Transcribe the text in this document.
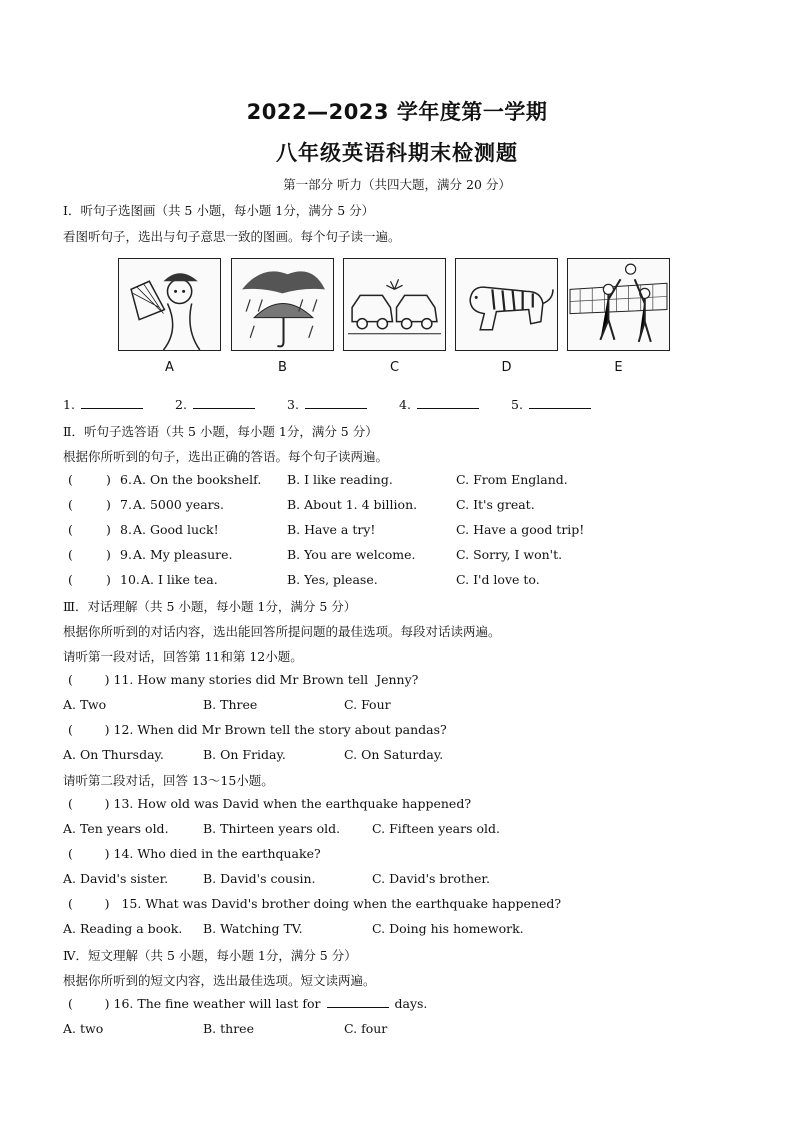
2022—2023 学年度第一学期
八年级英语科期末检测题
第一部分 听力（共四大题，满分 20 分）
Ⅰ．听句子选图画（共 5 小题，每小题 1分，满分 5 分）
看图听句子，选出与句子意思一致的图画。每个句子读一遍。
A	B	C	D	E
1.	2.	3.	4.	5.
Ⅱ．听句子选答语（共 5 小题，每小题 1分，满分 5 分）
根据你所听到的句子，选出正确的答语。每个句子读两遍。
(	) 6. A. On the bookshelf. B. I like reading.	C. From England.
(	) 7. A. 5000 years.	B. About 1. 4 billion.	C. It's great.
(	) 8. A. Good luck!	B. Have a try!	C. Have a good trip!
(	) 9. A. My pleasure.	B. You are welcome.	C. Sorry, I won't.
(	) 10. A. I like tea.	B. Yes, please.	C. I'd love to.
Ⅲ．对话理解（共 5 小题，每小题 1分，满分 5 分）
根据你所听到的对话内容，选出能回答所提问题的最佳选项。每段对话读两遍。
请听第一段对话，回答第 11和第 12小题。
(        ) 11. How many stories did Mr Brown tell  Jenny?
A. Two	B. Three	C. Four
(        ) 12. When did Mr Brown tell the story about pandas?
A. On Thursday.	B. On Friday.	C. On Saturday.
请听第二段对话，回答 13～15小题。
(        ) 13. How old was David when the earthquake happened?
A. Ten years old.	B. Thirteen years old.	C. Fifteen years old.
(        ) 14. Who died in the earthquake?
A. David's sister.	B. David's cousin.	C. David's brother.
(        )   15. What was David's brother doing when the earthquake happened?
A. Reading a book. B. Watching TV.	C. Doing his homework.
Ⅳ．短文理解（共 5 小题，每小题 1分，满分 5 分）
根据你所听到的短文内容，选出最佳选项。短文读两遍。
(        ) 16. The fine weather will last for	days.
A. two	B. three	C. four
